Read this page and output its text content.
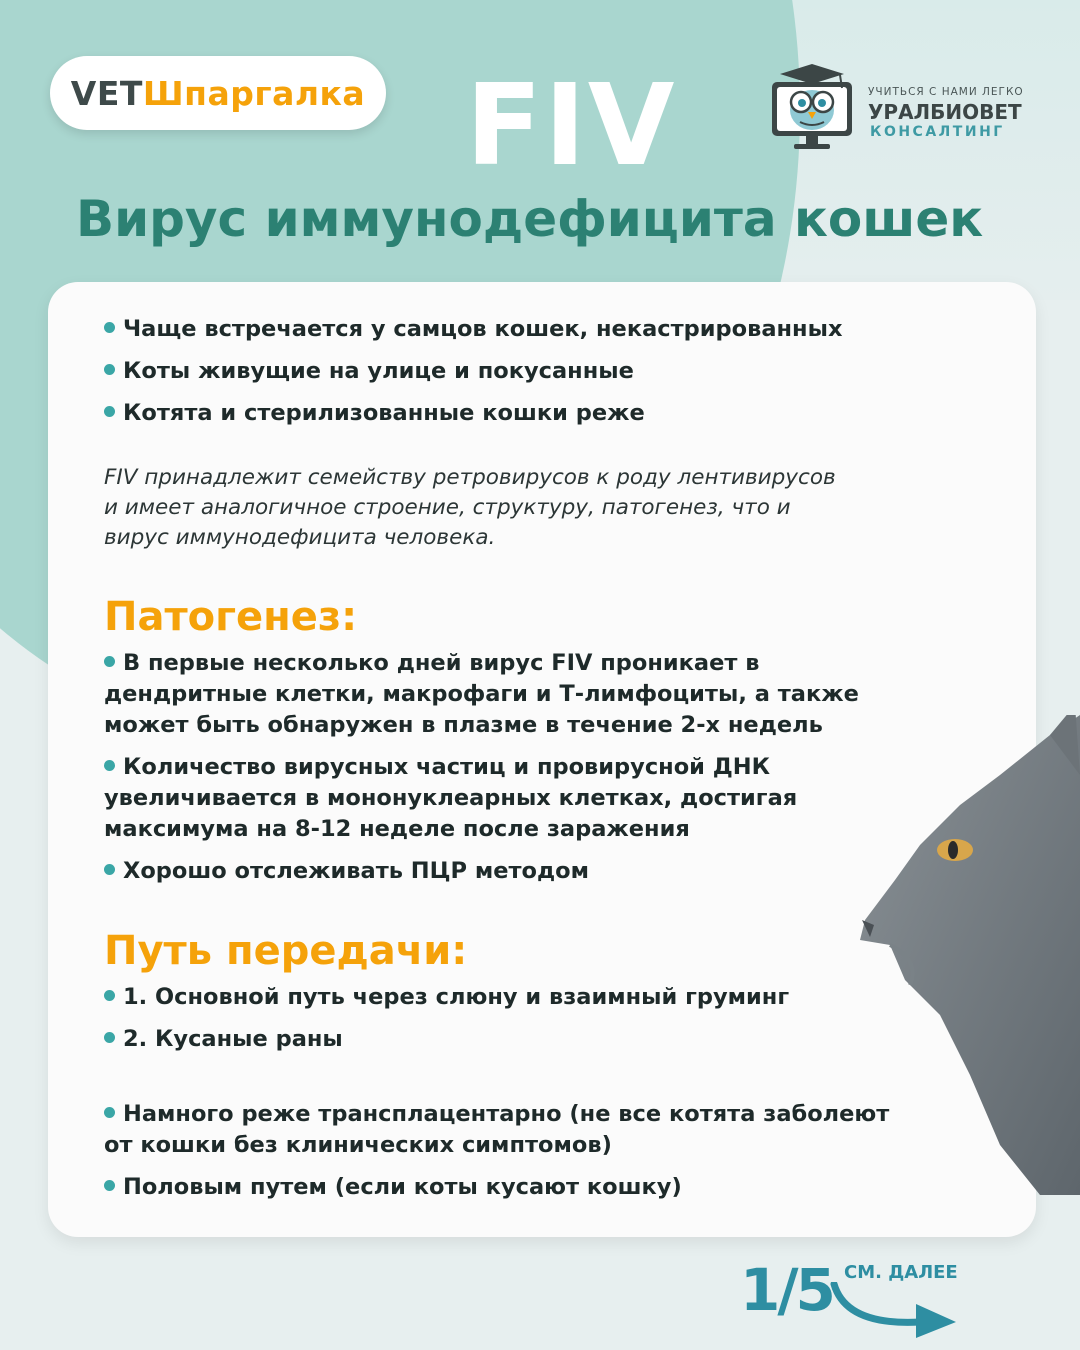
VET Шпаргалка FIV	УЧИТЬСЯ С НАМИ ЛЕГКО
УРАЛБИОВЕТ
КОНСАЛТИНГ
Вирус иммунодефицита кошек
Чаще встречается у самцов кошек, некастрированных
Коты живущие на улице и покусанные
Котята и стерилизованные кошки реже
FIV принадлежит семейству ретровирусов к роду лентивирусов
и имеет аналогичное строение, структуру, патогенез, что и
вирус иммунодефицита человека.
Патогенез:
В первые несколько дней вирус FIV проникает в
дендритные клетки, макрофаги и Т-лимфоциты, а также
может быть обнаружен в плазме в течение 2-х недель
Количество вирусных частиц и провирусной ДНК
увеличивается в мононуклеарных клетках, достигая
максимума на 8-12 неделе после заражения
Хорошо отслеживать ПЦР методом
Путь передачи:
1. Основной путь через слюну и взаимный груминг
2. Кусаные раны
Намного реже трансплацентарно (не все котята заболеют
от кошки без клинических симптомов)
Половым путем (если коты кусают кошку)
1/5 СМ. ДАЛЕЕ
